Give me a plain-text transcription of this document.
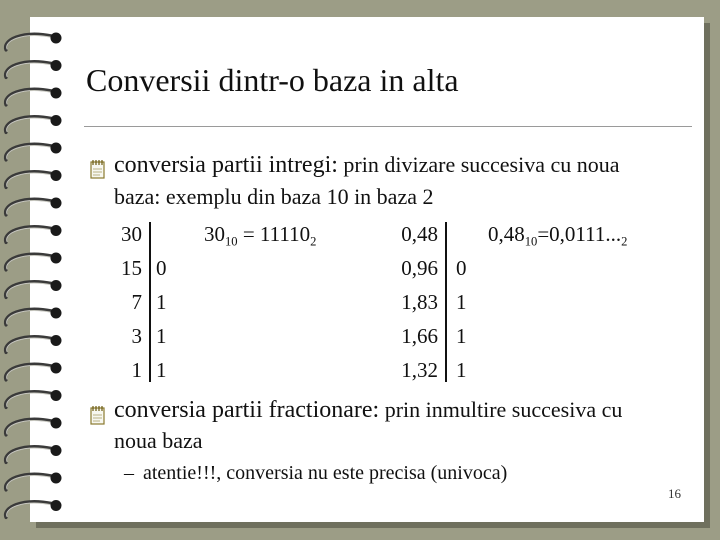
Conversii dintr-o baza in alta
conversia partii intregi: prin divizare succesiva cu noua
baza: exemplu din baza 10 in baza 2
30
15
7
3
1
0
1
1
1
$30_{10} = 11110_2$	0,48
0,96
1,83
1,66
1,32
0
1
1
1
$0,48_{10}=0,0111..._2$
conversia partii fractionare: prin inmultire succesiva cu
noua baza
– atentie!!!, conversia nu este precisa (univoca)
16
